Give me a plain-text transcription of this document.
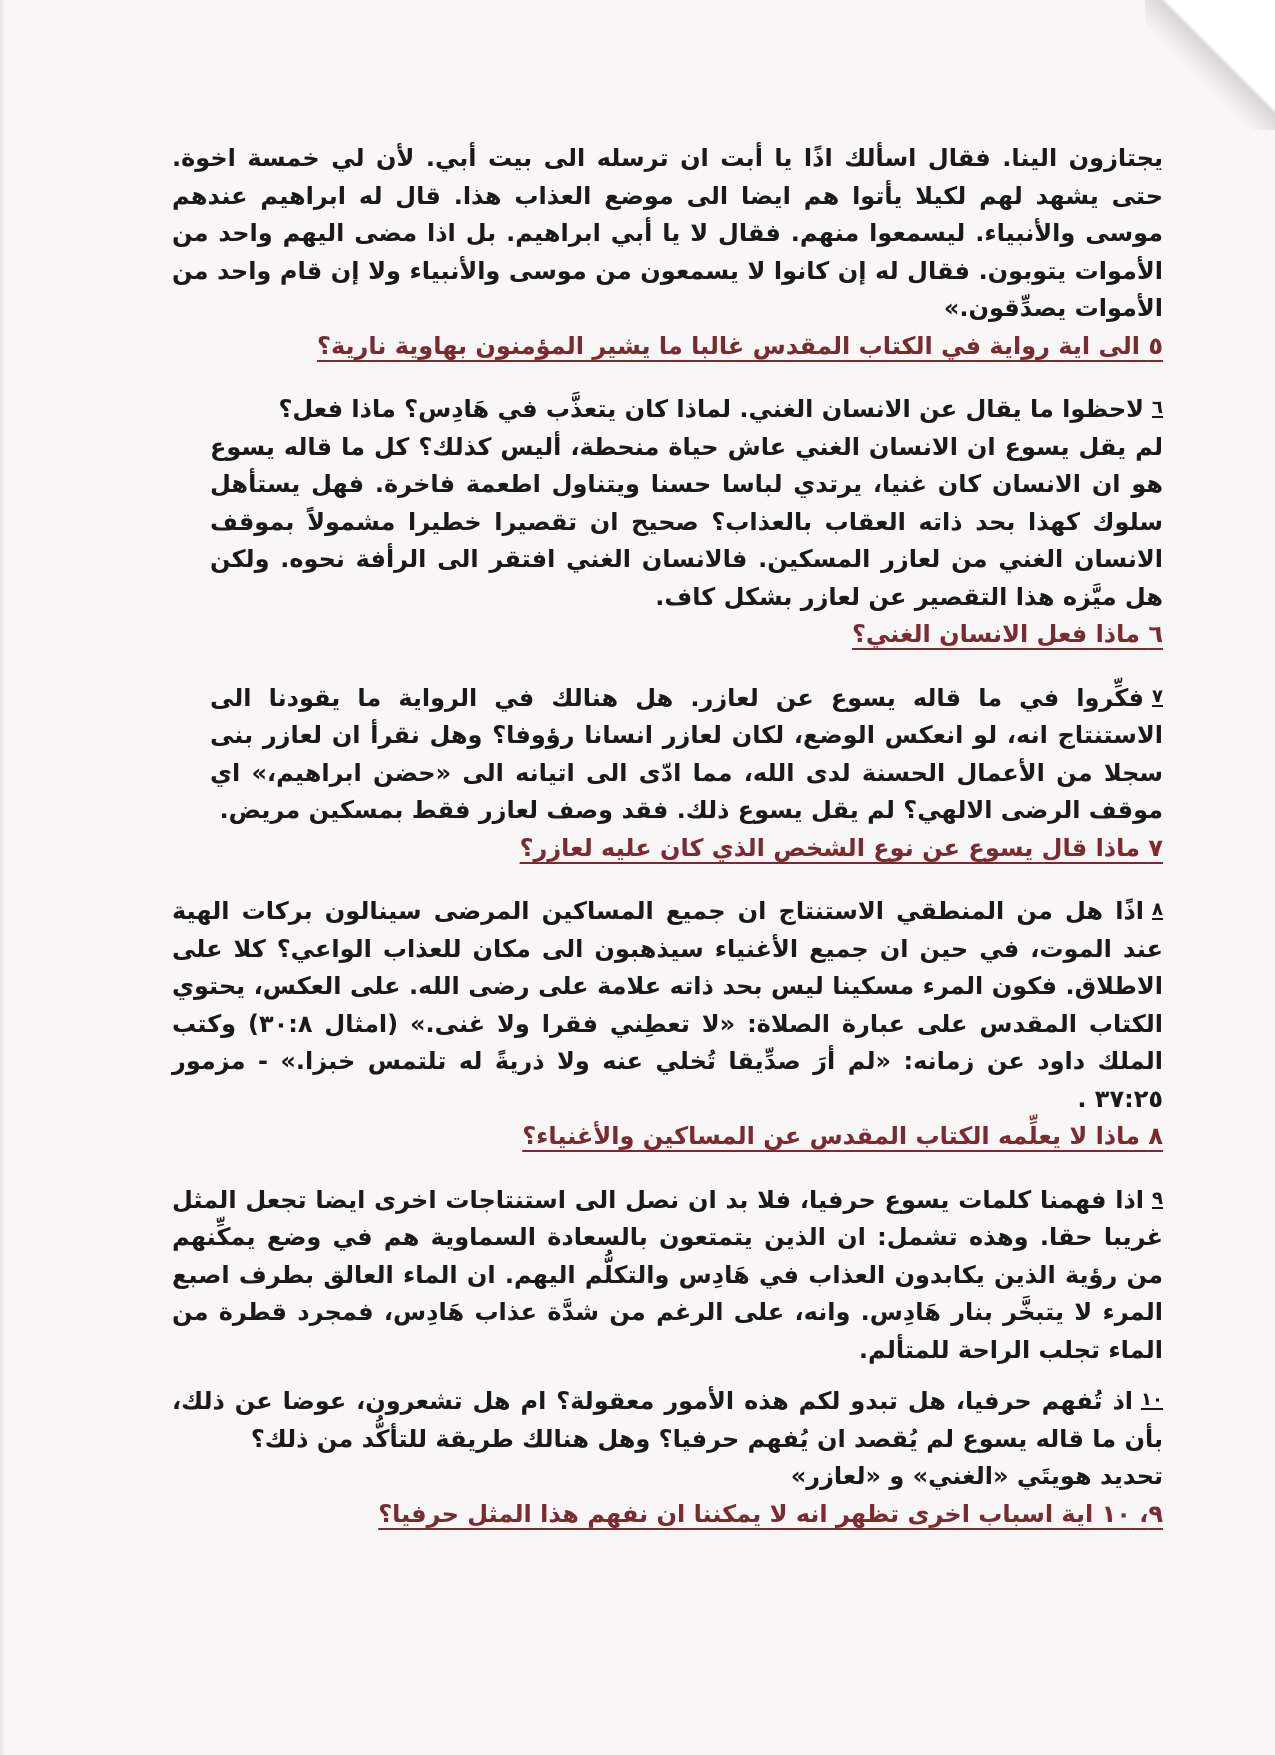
يجتازون الينا. فقال اسألك اذًا يا أبت ان ترسله الى بيت أبي. لأن لي خمسة اخوة. حتى يشهد لهم لكيلا يأتوا هم ايضا الى موضع العذاب هذا. قال له ابراهيم عندهم موسى والأنبياء. ليسمعوا منهم. فقال لا يا أبي ابراهيم. بل اذا مضى اليهم واحد من الأموات يتوبون. فقال له إن كانوا لا يسمعون من موسى والأنبياء ولا إن قام واحد من الأموات يصدِّقون.»

٥ الى اية رواية في الكتاب المقدس غالبا ما يشير المؤمنون بهاوية نارية؟

٦لاحظوا ما يقال عن الانسان الغني. لماذا كان يتعذَّب في هَادِس؟ ماذا فعل؟

لم يقل يسوع ان الانسان الغني عاش حياة منحطة، أليس كذلك؟ كل ما قاله يسوع هو ان الانسان كان غنيا، يرتدي لباسا حسنا ويتناول اطعمة فاخرة. فهل يستأهل سلوك كهذا بحد ذاته العقاب بالعذاب؟ صحيح ان تقصيرا خطيرا مشمولاً بموقف الانسان الغني من لعازر المسكين. فالانسان الغني افتقر الى الرأفة نحوه. ولكن هل ميَّزه هذا التقصير عن لعازر بشكل كاف.

٦ ماذا فعل الانسان الغني؟

٧فكِّروا في ما قاله يسوع عن لعازر. هل هنالك في الرواية ما يقودنا الى الاستنتاج انه، لو انعكس الوضع، لكان لعازر انسانا رؤوفا؟ وهل نقرأ ان لعازر بنى سجلا من الأعمال الحسنة لدى الله، مما ادّى الى اتيانه الى «حضن ابراهيم،» اي موقف الرضى الالهي؟ لم يقل يسوع ذلك. فقد وصف لعازر فقط بمسكين مريض.

٧ ماذا قال يسوع عن نوع الشخص الذي كان عليه لعازر؟

٨اذًا هل من المنطقي الاستنتاج ان جميع المساكين المرضى سينالون بركات الهية عند الموت، في حين ان جميع الأغنياء سيذهبون الى مكان للعذاب الواعي؟ كلا على الاطلاق. فكون المرء مسكينا ليس بحد ذاته علامة على رضى الله. على العكس، يحتوي الكتاب المقدس على عبارة الصلاة: «لا تعطِني فقرا ولا غنى.» (امثال ٣٠:٨) وكتب الملك داود عن زمانه: «لم أرَ صدِّيقا تُخلي عنه ولا ذريةً له تلتمس خبزا.» - مزمور ٣٧:٢٥ .

٨ ماذا لا يعلِّمه الكتاب المقدس عن المساكين والأغنياء؟

٩اذا فهمنا كلمات يسوع حرفيا، فلا بد ان نصل الى استنتاجات اخرى ايضا تجعل المثل غريبا حقا. وهذه تشمل: ان الذين يتمتعون بالسعادة السماوية هم في وضع يمكِّنهم من رؤية الذين يكابدون العذاب في هَادِس والتكلُّم اليهم. ان الماء العالق بطرف اصبع المرء لا يتبخَّر بنار هَادِس. وانه، على الرغم من شدَّة عذاب هَادِس، فمجرد قطرة من الماء تجلب الراحة للمتألم.

١٠اذ تُفهم حرفيا، هل تبدو لكم هذه الأمور معقولة؟ ام هل تشعرون، عوضا عن ذلك، بأن ما قاله يسوع لم يُقصد ان يُفهم حرفيا؟ وهل هنالك طريقة للتأكُّد من ذلك؟

تحديد هويتَي «الغني» و «لعازر»

٩، ١٠ اية اسباب اخرى تظهر انه لا يمكننا ان نفهم هذا المثل حرفيا؟
